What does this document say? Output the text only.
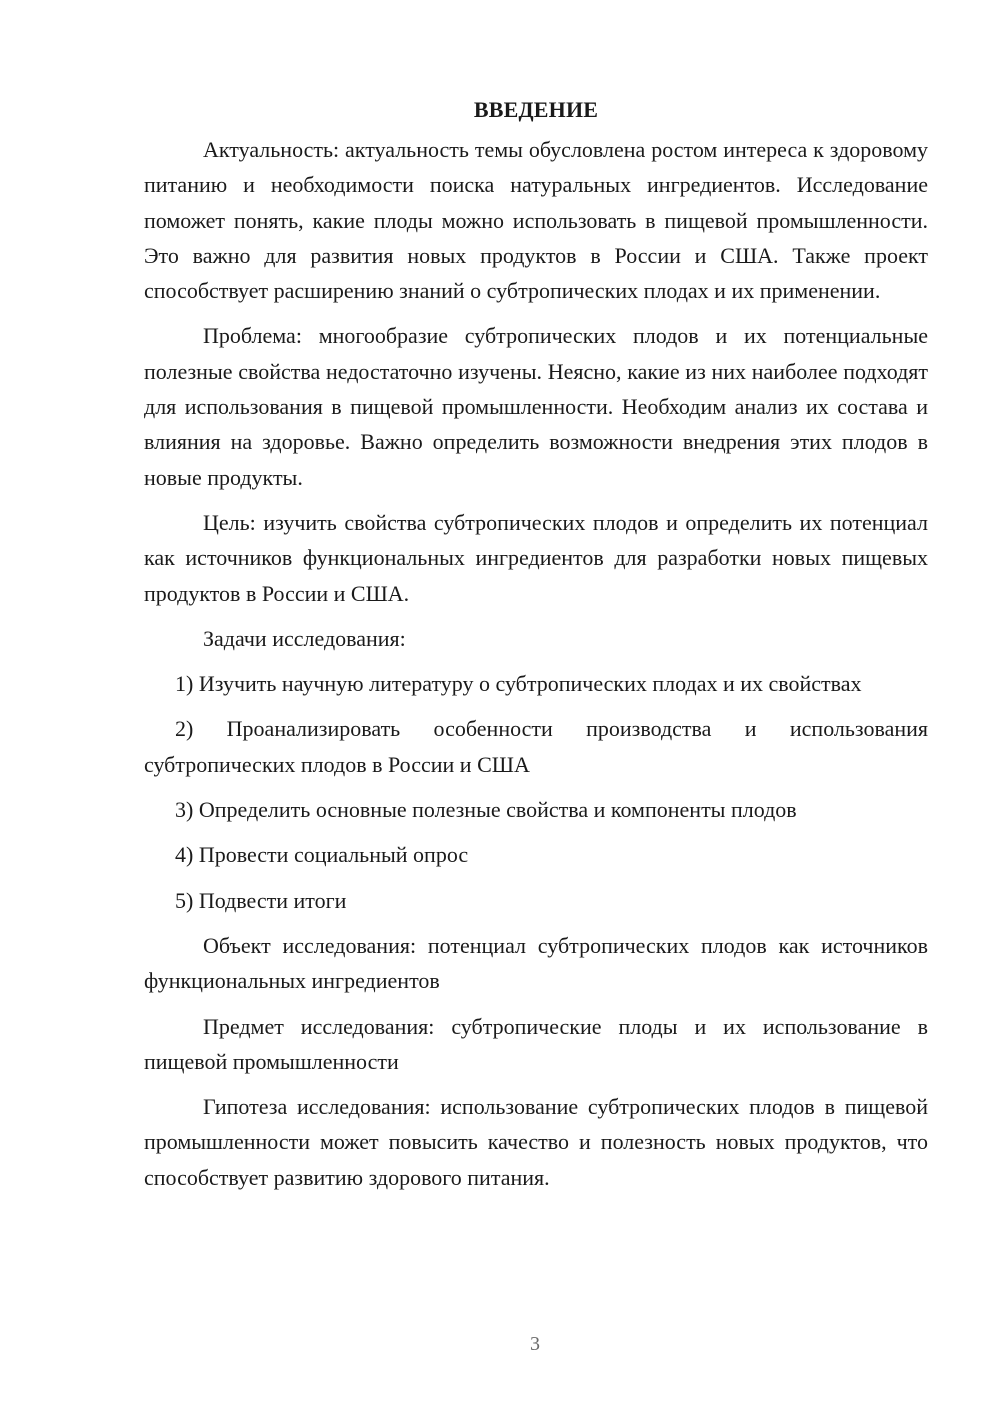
ВВЕДЕНИЕ

Актуальность: актуальность темы обусловлена ростом интереса к здоровому питанию и необходимости поиска натуральных ингредиентов. Исследование поможет понять, какие плоды можно использовать в пищевой промышленности. Это важно для развития новых продуктов в России и США. Также проект способствует расширению знаний о субтропических плодах и их применении.

Проблема: многообразие субтропических плодов и их потенциальные полезные свойства недостаточно изучены. Неясно, какие из них наиболее подходят для использования в пищевой промышленности. Необходим анализ их состава и влияния на здоровье. Важно определить возможности внедрения этих плодов в новые продукты.

Цель: изучить свойства субтропических плодов и определить их потенциал как источников функциональных ингредиентов для разработки новых пищевых продуктов в России и США.

Задачи исследования:

1) Изучить научную литературу о субтропических плодах и их свойствах

2) Проанализировать особенности производства и использования субтропических плодов в России и США

3) Определить основные полезные свойства и компоненты плодов

4) Провести социальный опрос

5) Подвести итоги

Объект исследования: потенциал субтропических плодов как источников функциональных ингредиентов

Предмет исследования: субтропические плоды и их использование в пищевой промышленности

Гипотеза исследования: использование субтропических плодов в пищевой промышленности может повысить качество и полезность новых продуктов, что способствует развитию здорового питания.

3
